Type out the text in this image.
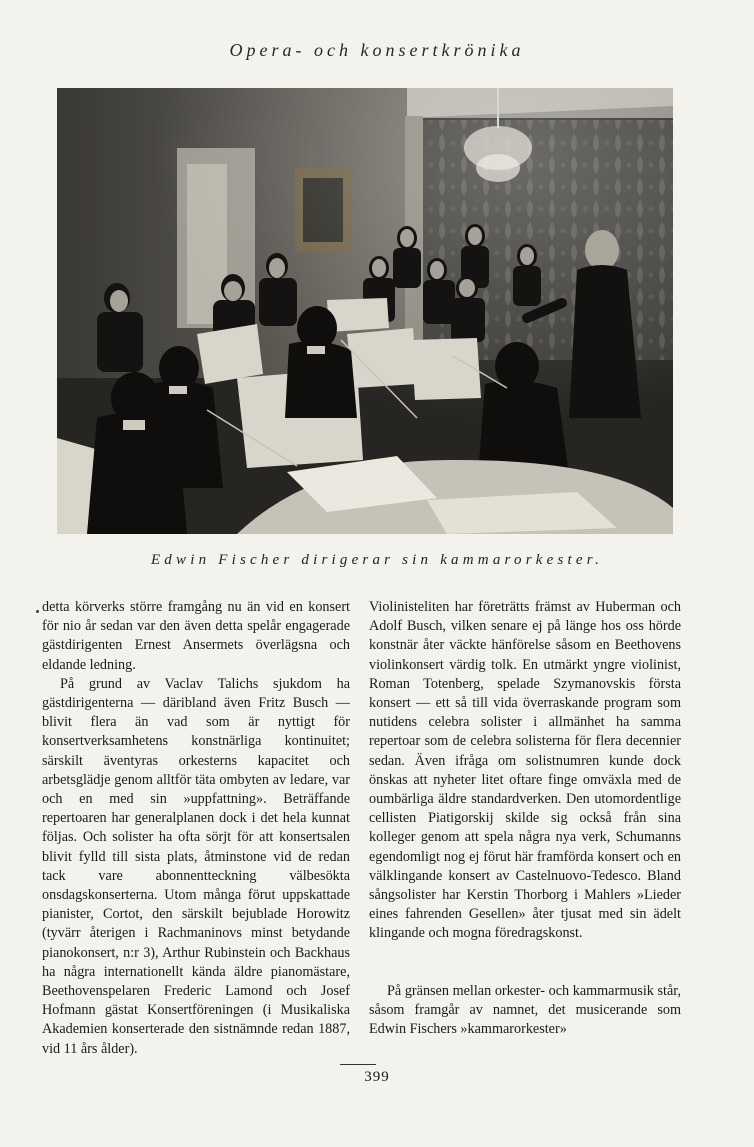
Opera- och konsertkrönika
Edwin Fischer dirigerar sin kammarorkester.

detta körverks större framgång nu än vid en konsert för nio år sedan var den även detta spelår engagerade gästdirigenten Ernest Ansermets överlägsna och eldande ledning.

På grund av Vaclav Talichs sjukdom ha gästdirigenterna — däribland även Fritz Busch — blivit flera än vad som är nyttigt för konsertverksamhetens konstnärliga kontinuitet; särskilt äventyras orkesterns kapacitet och arbetsglädje genom alltför täta ombyten av ledare, var och en med sin »uppfattning». Beträffande repertoaren har generalplanen dock i det hela kunnat följas. Och solister ha ofta sörjt för att konsertsalen blivit fylld till sista plats, åtminstone vid de redan tack vare abonnentteckning välbesökta onsdagskonserterna. Utom många förut uppskattade pianister, Cortot, den särskilt bejublade Horowitz (tyvärr återigen i Rachmaninovs minst betydande pianokonsert, n:r 3), Arthur Rubinstein och Backhaus ha några internationellt kända äldre pianomästare, Beethovenspelaren Frederic Lamond och Josef Hofmann gästat Konsertföreningen (i Musikaliska Akademien konserterade den sistnämnde redan 1887, vid 11 års ålder).

Violinisteliten har företrätts främst av Huberman och Adolf Busch, vilken senare ej på länge hos oss hörde konstnär åter väckte hänförelse såsom en Beethovens violinkonsert värdig tolk. En utmärkt yngre violinist, Roman Totenberg, spelade Szymanovskis första konsert — ett så till vida överraskande program som nutidens celebra solister i allmänhet ha samma repertoar som de celebra solisterna för flera decennier sedan. Även ifråga om solistnumren kunde dock önskas att nyheter litet oftare finge omväxla med de oumbärliga äldre standardverken. Den utomordentlige cellisten Piatigorskij skilde sig också från sina kolleger genom att spela några nya verk, Schumanns egendomligt nog ej förut här framförda konsert och en välklingande konsert av Castelnuovo-Tedesco. Bland sångsolister har Kerstin Thorborg i Mahlers »Lieder eines fahrenden Gesellen» åter tjusat med sin ädelt klingande och mogna föredragskonst.

På gränsen mellan orkester- och kammarmusik står, såsom framgår av namnet, det musicerande som Edwin Fischers »kammarorkester»

399
